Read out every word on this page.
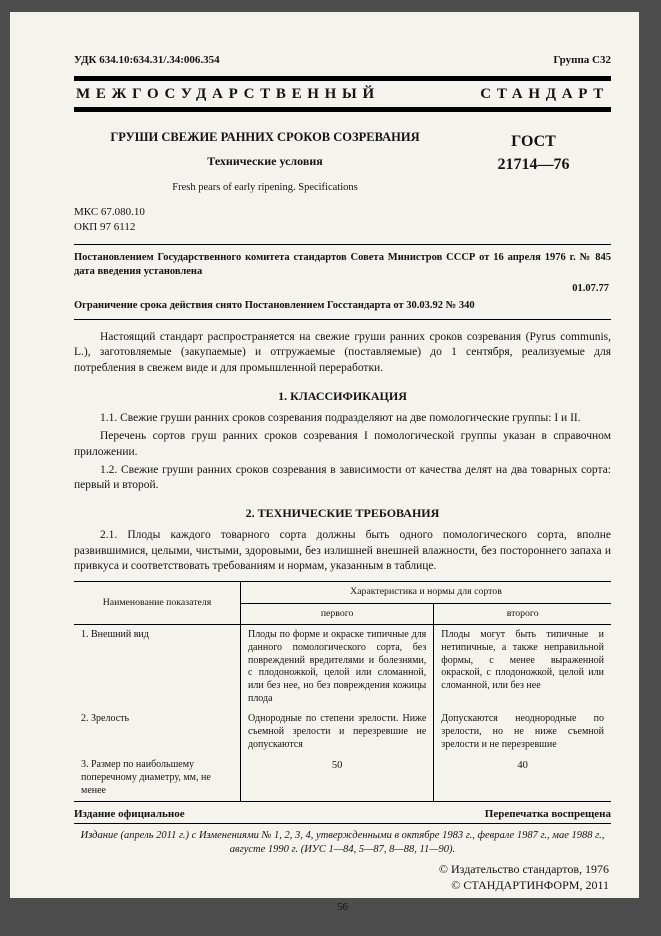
УДК 634.10:634.31/.34:006.354	Группа С32
МЕЖГОСУДАРСТВЕННЫЙ СТАНДАРТ
ГРУШИ СВЕЖИЕ РАННИХ СРОКОВ СОЗРЕВАНИЯ
Технические условия
Fresh pears of early ripening. Specifications
ГОСТ
21714—76
МКС 67.080.10
ОКП 97 6112
Постановлением Государственного комитета стандартов Совета Министров СССР от 16 апреля 1976 г. № 845 дата введения установлена
01.07.77
Ограничение срока действия снято Постановлением Госстандарта от 30.03.92 № 340
Настоящий стандарт распространяется на свежие груши ранних сроков созревания (Pyrus communis, L.), заготовляемые (закупаемые) и отгружаемые (поставляемые) до 1 сентября, реализуемые для потребления в свежем виде и для промышленной переработки.
1. КЛАССИФИКАЦИЯ
1.1. Свежие груши ранних сроков созревания подразделяют на две помологические группы: I и II.
Перечень сортов груш ранних сроков созревания I помологической группы указан в справочном приложении.
1.2. Свежие груши ранних сроков созревания в зависимости от качества делят на два товарных сорта: первый и второй.
2. ТЕХНИЧЕСКИЕ ТРЕБОВАНИЯ
2.1. Плоды каждого товарного сорта должны быть одного помологического сорта, вполне развившимися, целыми, чистыми, здоровыми, без излишней внешней влажности, без постороннего запаха и привкуса и соответствовать требованиям и нормам, указанным в таблице.
Наименование показателя	Характеристика и нормы для сортов	
	первого	второго
1. Внешний вид	Плоды по форме и окраске типичные для данного помологического сорта, без повреждений вредителями и болезнями, с плодоножкой, целой или сломанной, или без нее, но без повреждения кожицы плода	Плоды могут быть типичные и нетипичные, а также неправильной формы, с менее выраженной окраской, с плодоножкой, целой или сломанной, или без нее
2. Зрелость	Однородные по степени зрелости. Ниже съемной зрелости и перезревшие не допускаются	Допускаются неоднородные по зрелости, но не ниже съемной зрелости и не перезревшие
3. Размер по наибольшему поперечному диаметру, мм, не менее	50	40
Издание официальное	Перепечатка воспрещена
Издание (апрель 2011 г.) с Изменениями № 1, 2, 3, 4, утвержденными в октябре 1983 г., феврале 1987 г., мае 1988 г., августе 1990 г. (ИУС 1—84, 5—87, 8—88, 11—90).
© Издательство стандартов, 1976
© СТАНДАРТИНФОРМ, 2011
56
